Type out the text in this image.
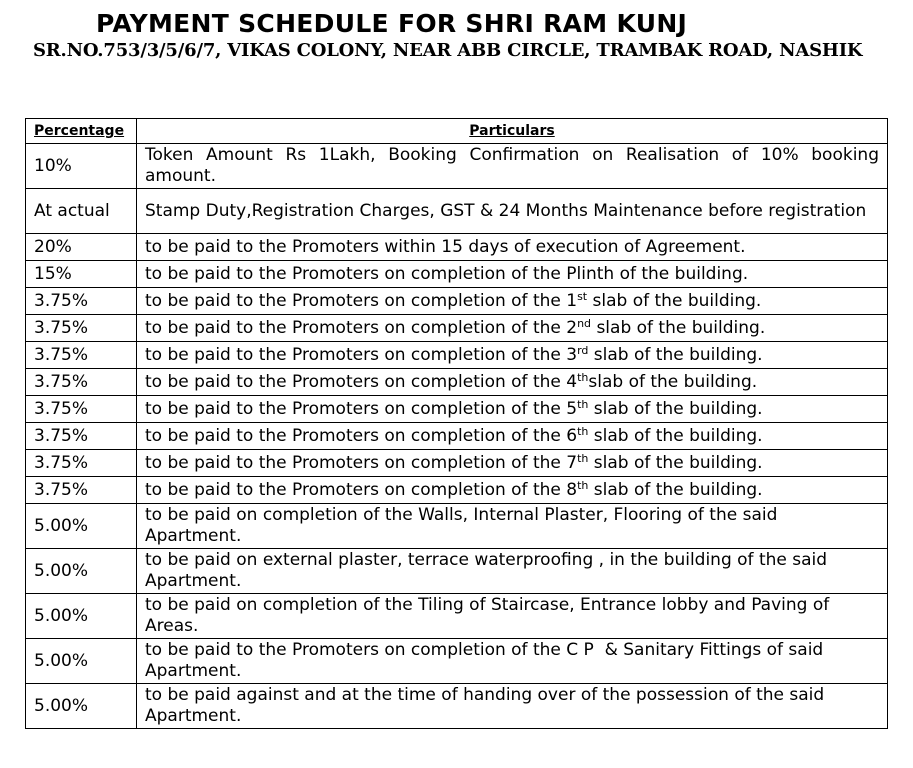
PAYMENT SCHEDULE FOR SHRI RAM KUNJ
SR.NO.753/3/5/6/7, VIKAS COLONY, NEAR ABB CIRCLE, TRAMBAK ROAD, NASHIK
Percentage	Particulars
10%	Token Amount Rs 1Lakh, Booking Confirmation on Realisation of 10% booking amount.
At actual	Stamp Duty,Registration Charges, GST & 24 Months Maintenance before registration
20%	to be paid to the Promoters within 15 days of execution of Agreement.
15%	to be paid to the Promoters on completion of the Plinth of the building.
3.75%	to be paid to the Promoters on completion of the 1st slab of the building.
3.75%	to be paid to the Promoters on completion of the 2nd slab of the building.
3.75%	to be paid to the Promoters on completion of the 3rd slab of the building.
3.75%	to be paid to the Promoters on completion of the 4thslab of the building.
3.75%	to be paid to the Promoters on completion of the 5th slab of the building.
3.75%	to be paid to the Promoters on completion of the 6th slab of the building.
3.75%	to be paid to the Promoters on completion of the 7th slab of the building.
3.75%	to be paid to the Promoters on completion of the 8th slab of the building.
5.00%	to be paid on completion of the Walls, Internal Plaster, Flooring of the said Apartment.
5.00%	to be paid on external plaster, terrace waterproofing , in the building of the said Apartment.
5.00%	to be paid on completion of the Tiling of Staircase, Entrance lobby and Paving of Areas.
5.00%	to be paid to the Promoters on completion of the C P  & Sanitary Fittings of said Apartment.
5.00%	to be paid against and at the time of handing over of the possession of the said Apartment.
